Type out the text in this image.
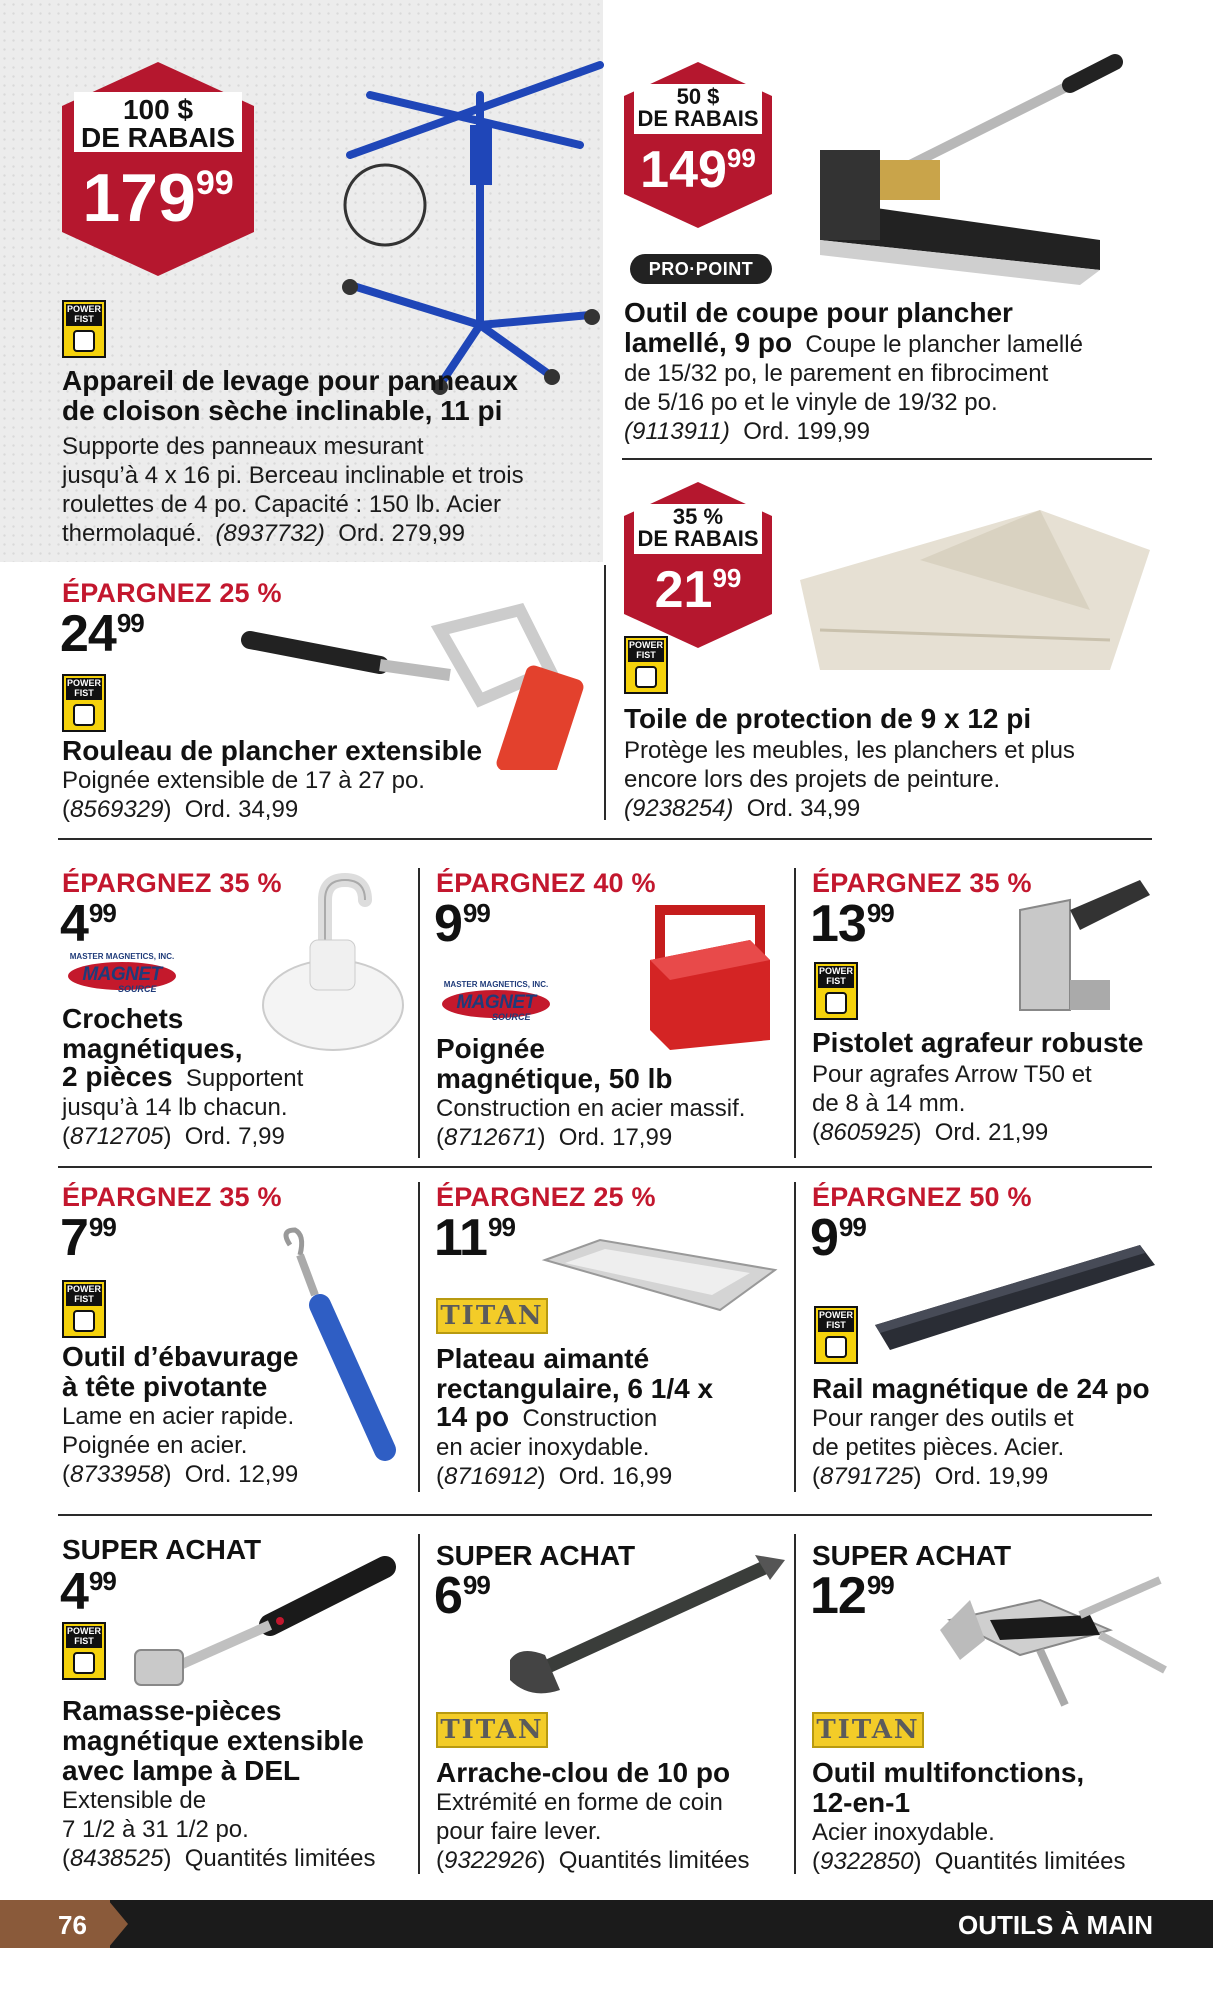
100 $
DE RABAIS
$179^{99}$
POWER FIST
Appareil de levage pour panneaux
de cloison sèche inclinable, 11 pi
Supporte des panneaux mesurant
jusqu’à 4 x 16 pi. Berceau inclinable et trois
roulettes de 4 po. Capacité : 150 lb. Acier
thermolaqué. (8937732) Ord. 279,99
50 $
DE RABAIS
$149^{99}$
PRO·POINT
Outil de coupe pour plancher
lamellé, 9 po Coupe le plancher lamellé
de 15/32 po, le parement en fibrociment
de 5/16 po et le vinyle de 19/32 po.
(9113911) Ord. 199,99
ÉPARGNEZ 25 %
$24^{99}$
POWER FIST
Rouleau de plancher extensible
Poignée extensible de 17 à 27 po.
(8569329)  Ord. 34,99
35 %
DE RABAIS
$21^{99}$
POWER FIST
Toile de protection de 9 x 12 pi
Protège les meubles, les planchers et plus
encore lors des projets de peinture.
(9238254) Ord. 34,99
ÉPARGNEZ 35 %
$4^{99}$
MASTER MAGNETICS, INC.
MAGNET
SOURCE
Crochets
magnétiques,
2 pièces Supportent
jusqu’à 14 lb chacun.
(8712705)  Ord. 7,99
ÉPARGNEZ 40 %
$9^{99}$
MASTER MAGNETICS, INC.
MAGNET
SOURCE
Poignée
magnétique, 50 lb
Construction en acier massif.
(8712671)  Ord. 17,99
ÉPARGNEZ 35 %
$13^{99}$
POWER FIST
Pistolet agrafeur robuste
Pour agrafes Arrow T50 et
de 8 à 14 mm.
(8605925)  Ord. 21,99
ÉPARGNEZ 35 %
$7^{99}$
POWER FIST
Outil d’ébavurage
à tête pivotante
Lame en acier rapide.
Poignée en acier.
(8733958)  Ord. 12,99
ÉPARGNEZ 25 %
$11^{99}$
TITAN
Plateau aimanté
rectangulaire, 6 1/4 x
14 po Construction
en acier inoxydable.
(8716912)  Ord. 16,99
ÉPARGNEZ 50 %
$9^{99}$
POWER FIST
Rail magnétique de 24 po
Pour ranger des outils et
de petites pièces. Acier.
(8791725)  Ord. 19,99
SUPER ACHAT
$4^{99}$
POWER FIST
Ramasse-pièces
magnétique extensible
avec lampe à DEL
Extensible de
7 1/2 à 31 1/2 po.
(8438525)  Quantités limitées
SUPER ACHAT
$6^{99}$
TITAN
Arrache-clou de 10 po
Extrémité en forme de coin
pour faire lever.
(9322926)  Quantités limitées
SUPER ACHAT
$12^{99}$
TITAN
Outil multifonctions,
12-en-1
Acier inoxydable.
(9322850)  Quantités limitées
76	OUTILS À MAIN
